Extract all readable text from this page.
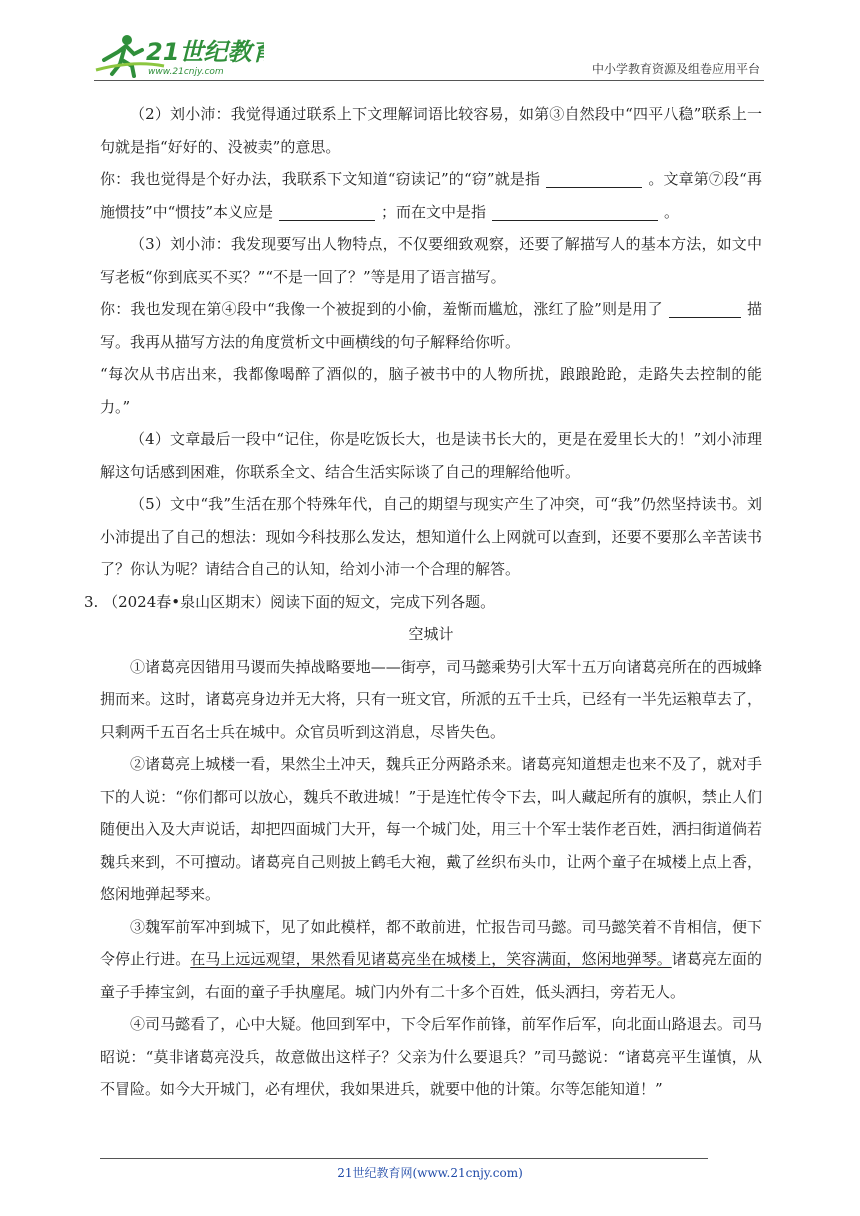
21世纪教育
www.21cnjy.com	中小学教育资源及组卷应用平台

（2）刘小沛：我觉得通过联系上下文理解词语比较容易，如第③自然段中“四平八稳”联系上一句就是指“好好的、没被卖”的意思。

你：我也觉得是个好办法，我联系下文知道“窃读记”的“窃”就是指	。文章第⑦段“再施惯技”中“惯技”本义应是	；而在文中是指	。

（3）刘小沛：我发现要写出人物特点，不仅要细致观察，还要了解描写人的基本方法，如文中写老板“你到底买不买？”“不是一回了？”等是用了语言描写。

你：我也发现在第④段中“我像一个被捉到的小偷，羞惭而尴尬，涨红了脸”则是用了	描写。我再从描写方法的角度赏析文中画横线的句子解释给你听。

“每次从书店出来，我都像喝醉了酒似的，脑子被书中的人物所扰，踉踉跄跄，走路失去控制的能力。”

（4）文章最后一段中“记住，你是吃饭长大，也是读书长大的，更是在爱里长大的！”刘小沛理解这句话感到困难，你联系全文、结合生活实际谈了自己的理解给他听。

（5）文中“我”生活在那个特殊年代，自己的期望与现实产生了冲突，可“我”仍然坚持读书。刘小沛提出了自己的想法：现如今科技那么发达，想知道什么上网就可以查到，还要不要那么辛苦读书了？你认为呢？请结合自己的认知，给刘小沛一个合理的解答。

3. （2024春•泉山区期末）阅读下面的短文，完成下列各题。

空城计

①诸葛亮因错用马谡而失掉战略要地——街亭，司马懿乘势引大军十五万向诸葛亮所在的西城蜂拥而来。这时，诸葛亮身边并无大将，只有一班文官，所派的五千士兵，已经有一半先运粮草去了，只剩两千五百名士兵在城中。众官员听到这消息，尽皆失色。

②诸葛亮上城楼一看，果然尘土冲天，魏兵正分两路杀来。诸葛亮知道想走也来不及了，就对手下的人说：“你们都可以放心，魏兵不敢进城！”于是连忙传令下去，叫人藏起所有的旗帜，禁止人们随便出入及大声说话，却把四面城门大开，每一个城门处，用三十个军士装作老百姓，洒扫街道倘若魏兵来到，不可擅动。诸葛亮自己则披上鹤毛大袍，戴了丝织布头巾，让两个童子在城楼上点上香，悠闲地弹起琴来。

③魏军前军冲到城下，见了如此模样，都不敢前进，忙报告司马懿。司马懿笑着不肯相信，便下令停止行进。在马上远远观望，果然看见诸葛亮坐在城楼上，笑容满面，悠闲地弹琴。诸葛亮左面的童子手捧宝剑，右面的童子手执麈尾。城门内外有二十多个百姓，低头洒扫，旁若无人。

④司马懿看了，心中大疑。他回到军中，下令后军作前锋，前军作后军，向北面山路退去。司马昭说：“莫非诸葛亮没兵，故意做出这样子？父亲为什么要退兵？”司马懿说：“诸葛亮平生谨慎，从不冒险。如今大开城门，必有埋伏，我如果进兵，就要中他的计策。尔等怎能知道！”

21世纪教育网(www.21cnjy.com)
